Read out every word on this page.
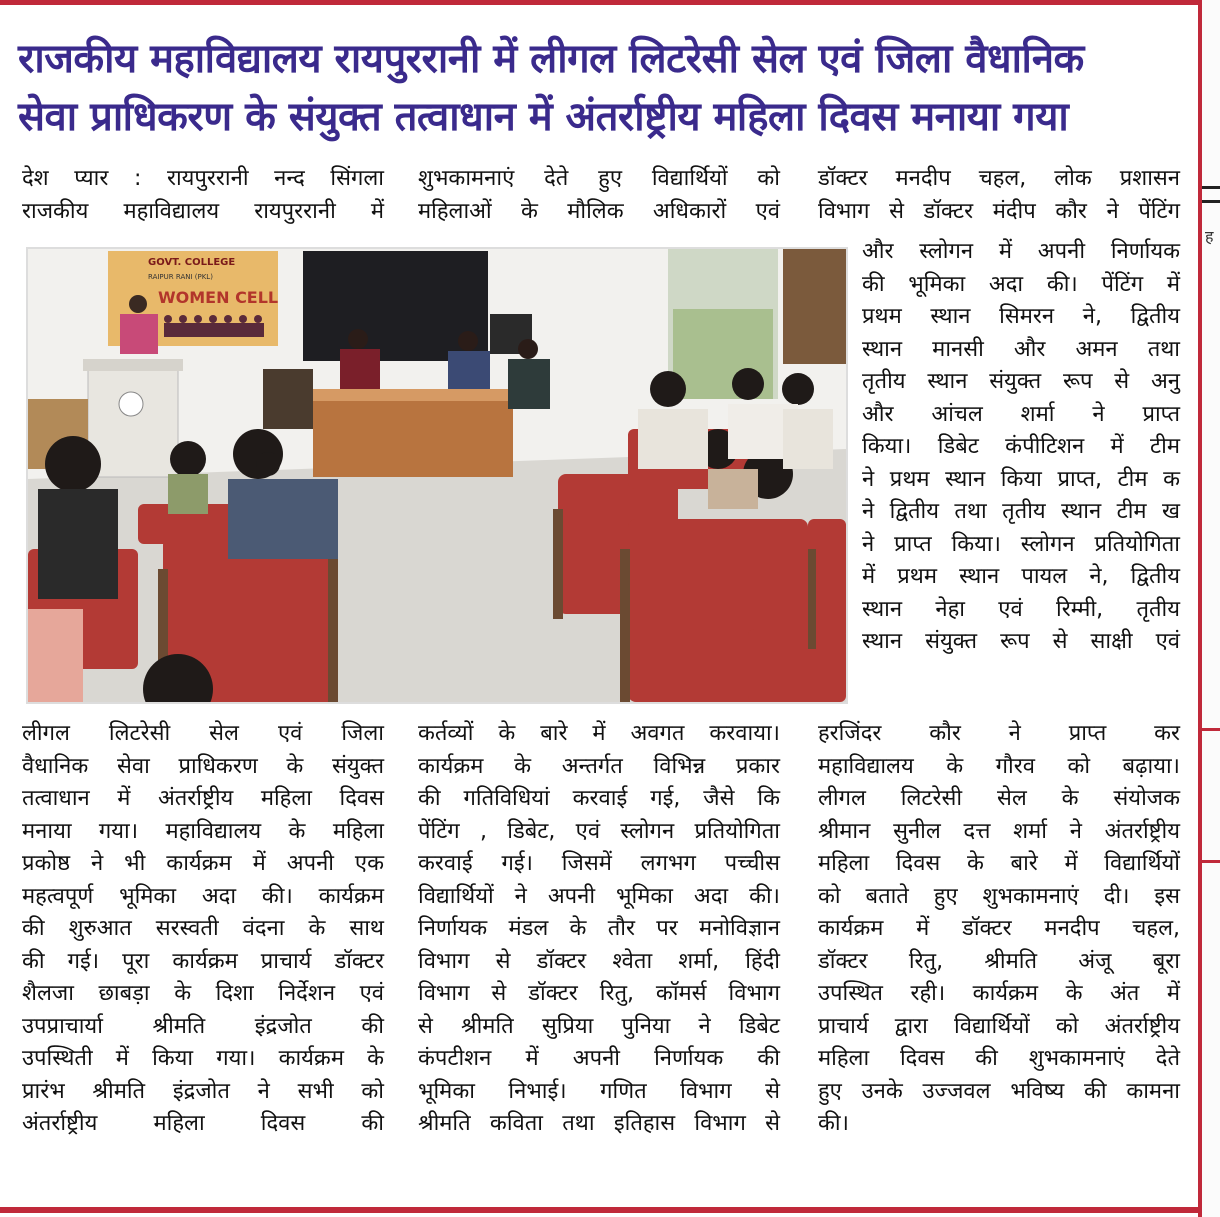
ह
राजकीय महाविद्यालय रायपुररानी में लीगल लिटरेसी सेल एवं जिला वैधानिक
सेवा प्राधिकरण के संयुक्त तत्वाधान में अंतर्राष्ट्रीय महिला दिवस मनाया गया

देश प्यार : रायपुररानी नन्द सिंगला

राजकीय महाविद्यालय रायपुररानी में

शुभकामनाएं देते हुए विद्यार्थियों को

महिलाओं के मौलिक अधिकारों एवं

डॉक्टर मनदीप चहल, लोक प्रशासन

विभाग से डॉक्टर मंदीप कौर ने पेंटिंग

GOVT. COLLEGE
RAIPUR RANI (PKL)
WOMEN CELL

और स्लोगन में अपनी निर्णायक

की भूमिका अदा की। पेंटिंग में

प्रथम स्थान सिमरन ने, द्वितीय

स्थान मानसी और अमन तथा

तृतीय स्थान संयुक्त रूप से अनु

और आंचल शर्मा ने प्राप्त

किया। डिबेट कंपीटिशन में टीम

ने प्रथम स्थान किया प्राप्त, टीम क

ने द्वितीय तथा तृतीय स्थान टीम ख

ने प्राप्त किया। स्लोगन प्रतियोगिता

में प्रथम स्थान पायल ने, द्वितीय

स्थान नेहा एवं रिम्मी, तृतीय

स्थान संयुक्त रूप से साक्षी एवं

लीगल लिटरेसी सेल एवं जिला

वैधानिक सेवा प्राधिकरण के संयुक्त

तत्वाधान में अंतर्राष्ट्रीय महिला दिवस

मनाया गया। महाविद्यालय के महिला

प्रकोष्ठ ने भी कार्यक्रम में अपनी एक

महत्वपूर्ण भूमिका अदा की। कार्यक्रम

की शुरुआत सरस्वती वंदना के साथ

की गई। पूरा कार्यक्रम प्राचार्य डॉक्टर

शैलजा छाबड़ा के दिशा निर्देशन एवं

उपप्राचार्या श्रीमति इंद्रजोत की

उपस्थिती में किया गया। कार्यक्रम के

प्रारंभ श्रीमति इंद्रजोत ने सभी को

अंतर्राष्ट्रीय महिला दिवस की

कर्तव्यों के बारे में अवगत करवाया।

कार्यक्रम के अन्तर्गत विभिन्न प्रकार

की गतिविधियां करवाई गई, जैसे कि

पेंटिंग , डिबेट, एवं स्लोगन प्रतियोगिता

करवाई गई। जिसमें लगभग पच्चीस

विद्यार्थियों ने अपनी भूमिका अदा की।

निर्णायक मंडल के तौर पर मनोविज्ञान

विभाग से डॉक्टर श्वेता शर्मा, हिंदी

विभाग से डॉक्टर रितु, कॉमर्स विभाग

से श्रीमति सुप्रिया पुनिया ने डिबेट

कंपटीशन में अपनी निर्णायक की

भूमिका निभाई। गणित विभाग से

श्रीमति कविता तथा इतिहास विभाग से

हरजिंदर कौर ने प्राप्त कर

महाविद्यालय के गौरव को बढ़ाया।

लीगल लिटरेसी सेल के संयोजक

श्रीमान सुनील दत्त शर्मा ने अंतर्राष्ट्रीय

महिला दिवस के बारे में विद्यार्थियों

को बताते हुए शुभकामनाएं दी। इस

कार्यक्रम में डॉक्टर मनदीप चहल,

डॉक्टर रितु, श्रीमति अंजू बूरा

उपस्थित रही। कार्यक्रम के अंत में

प्राचार्य द्वारा विद्यार्थियों को अंतर्राष्ट्रीय

महिला दिवस की शुभकामनाएं देते

हुए उनके उज्जवल भविष्य की कामना

की।
